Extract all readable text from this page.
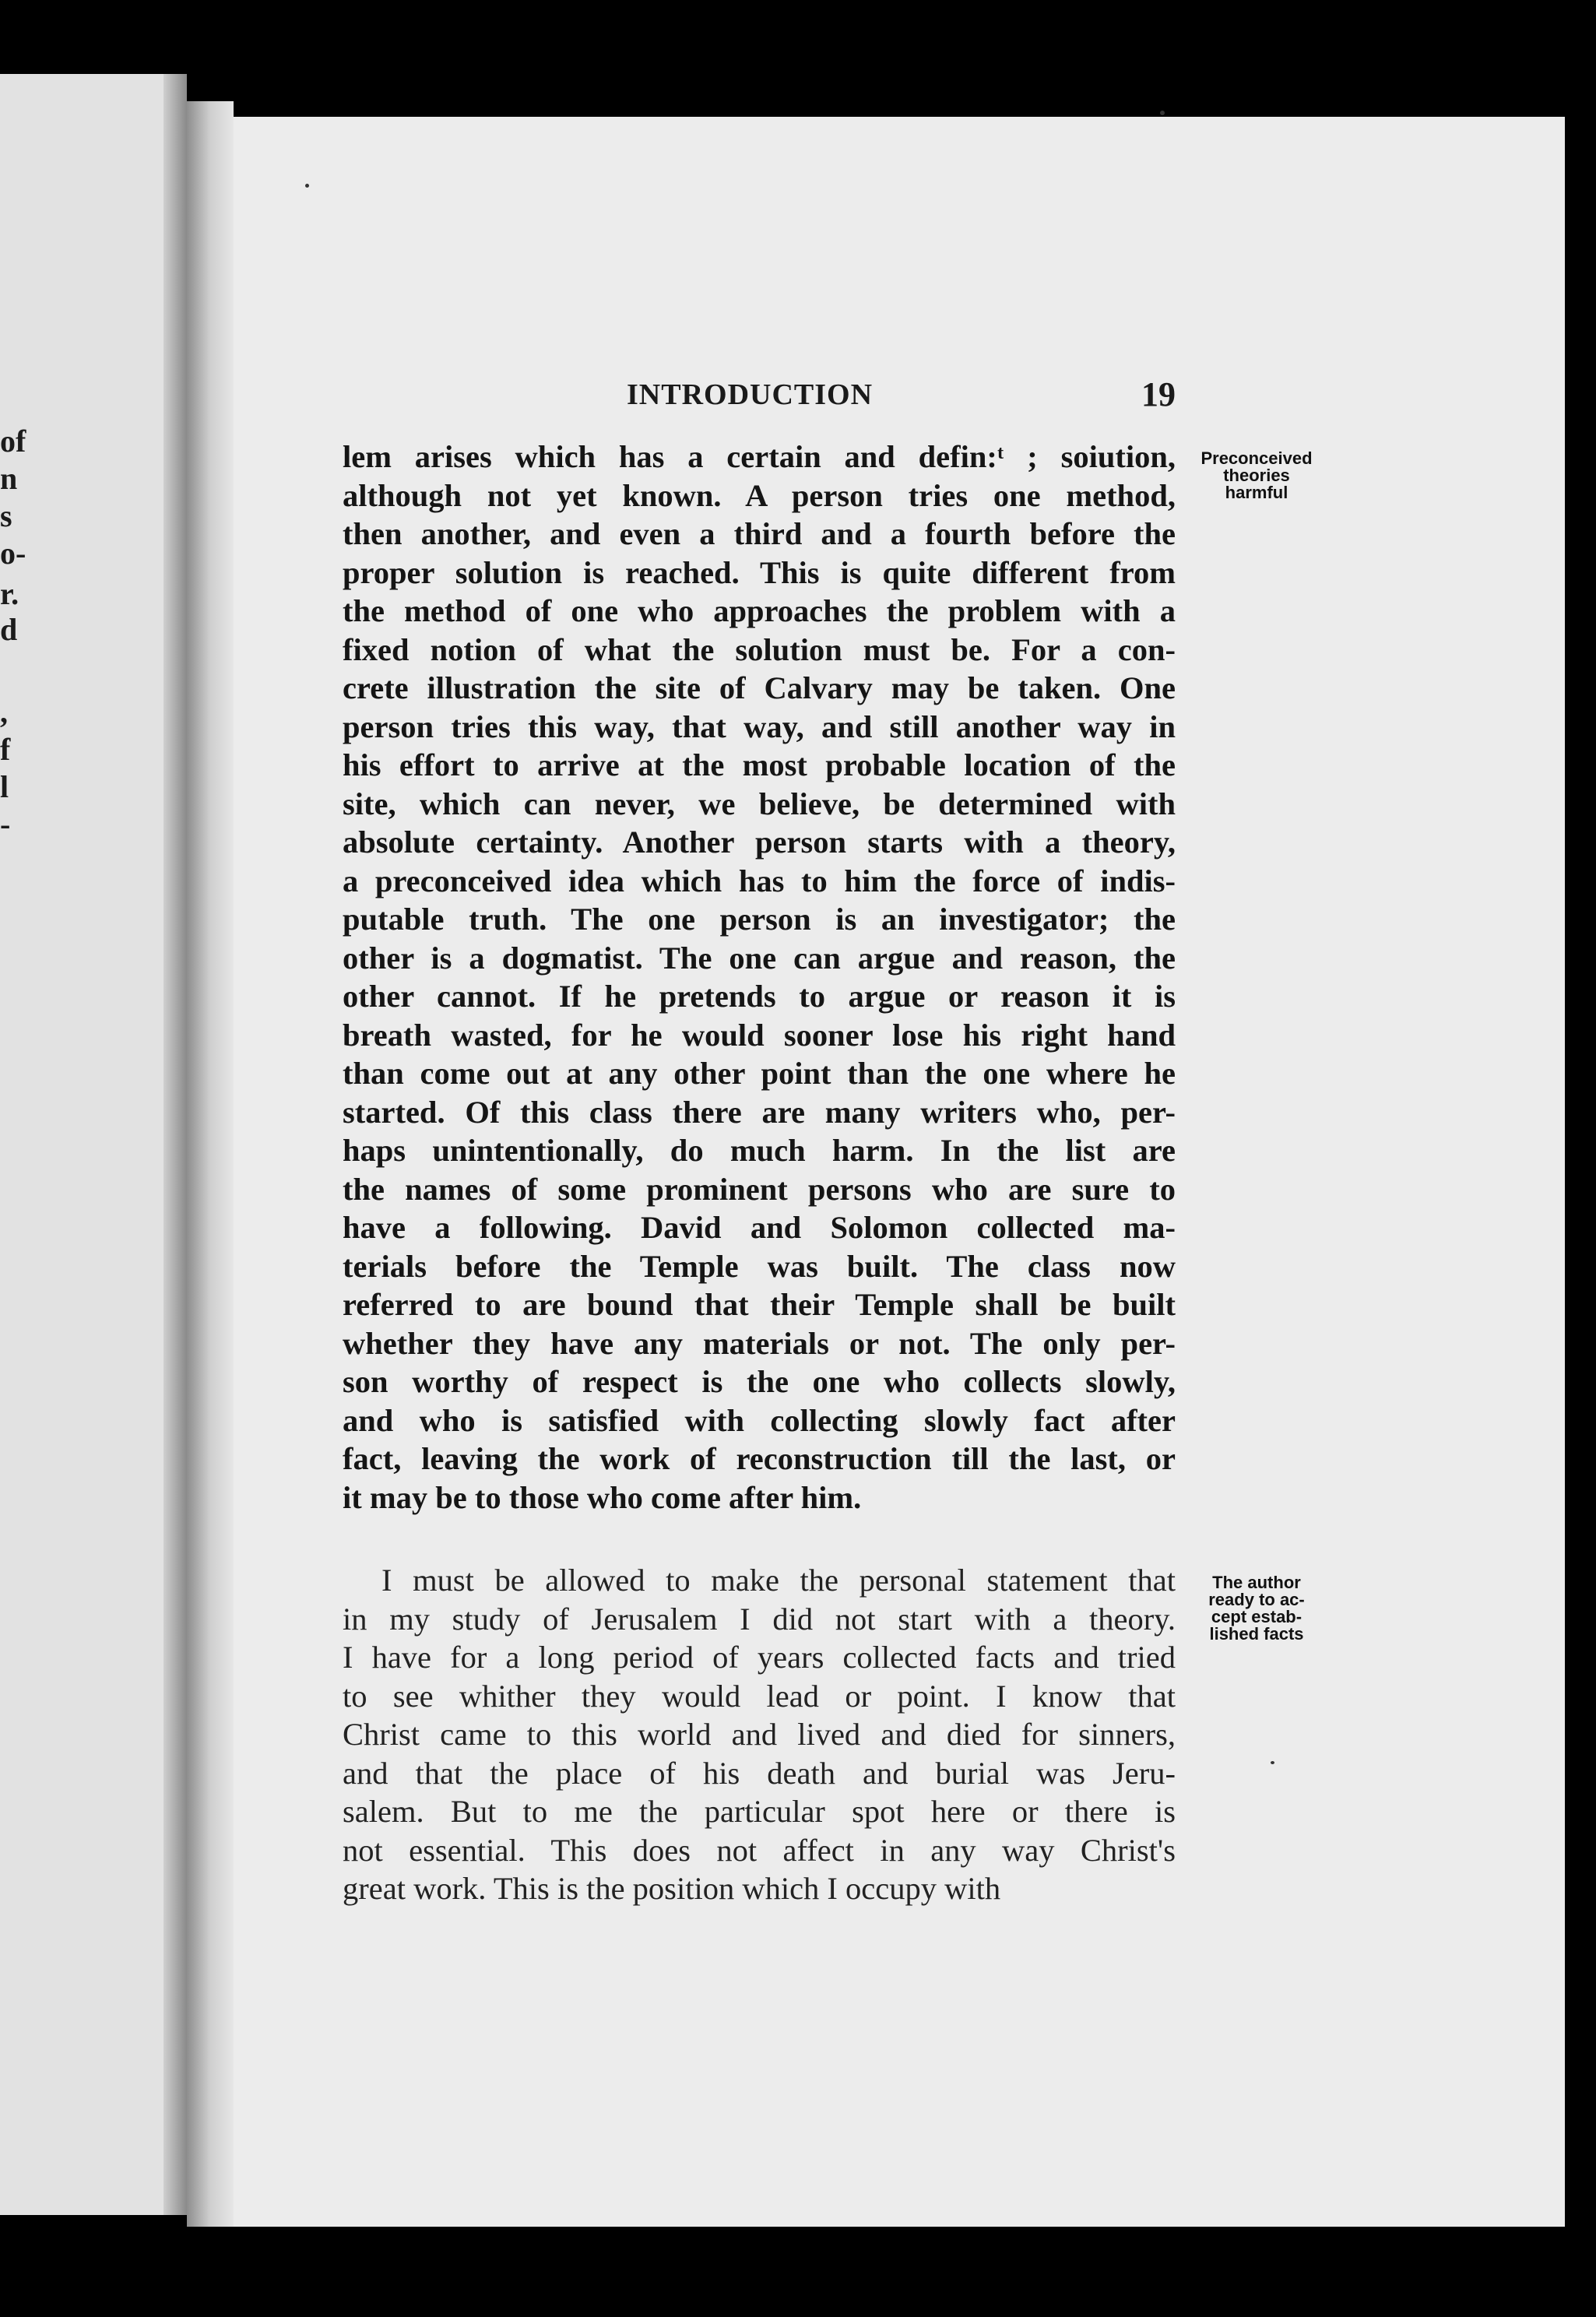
of
n
s
o-
r.
d
,
f
l
-
INTRODUCTION	19
lem arises which has a certain and defin:ᵗ ; soiution,
although not yet known. A person tries one method,
then another, and even a third and a fourth before the
proper solution is reached. This is quite different from
the method of one who approaches the problem with a
fixed notion of what the solution must be. For a con-
crete illustration the site of Calvary may be taken. One
person tries this way, that way, and still another way in
his effort to arrive at the most probable location of the
site, which can never, we believe, be determined with
absolute certainty. Another person starts with a theory,
a preconceived idea which has to him the force of indis-
putable truth. The one person is an investigator; the
other is a dogmatist. The one can argue and reason, the
other cannot. If he pretends to argue or reason it is
breath wasted, for he would sooner lose his right hand
than come out at any other point than the one where he
started. Of this class there are many writers who, per-
haps unintentionally, do much harm. In the list are
the names of some prominent persons who are sure to
have a following. David and Solomon collected ma-
terials before the Temple was built. The class now
referred to are bound that their Temple shall be built
whether they have any materials or not. The only per-
son worthy of respect is the one who collects slowly,
and who is satisfied with collecting slowly fact after
fact, leaving the work of reconstruction till the last, or
it may be to those who come after him.
I must be allowed to make the personal statement that
in my study of Jerusalem I did not start with a theory.
I have for a long period of years collected facts and tried
to see whither they would lead or point. I know that
Christ came to this world and lived and died for sinners,
and that the place of his death and burial was Jeru-
salem. But to me the particular spot here or there is
not essential. This does not affect in any way Christ's
great work. This is the position which I occupy with
Preconceived
theories
harmful
The author
ready to ac-
cept estab-
lished facts
